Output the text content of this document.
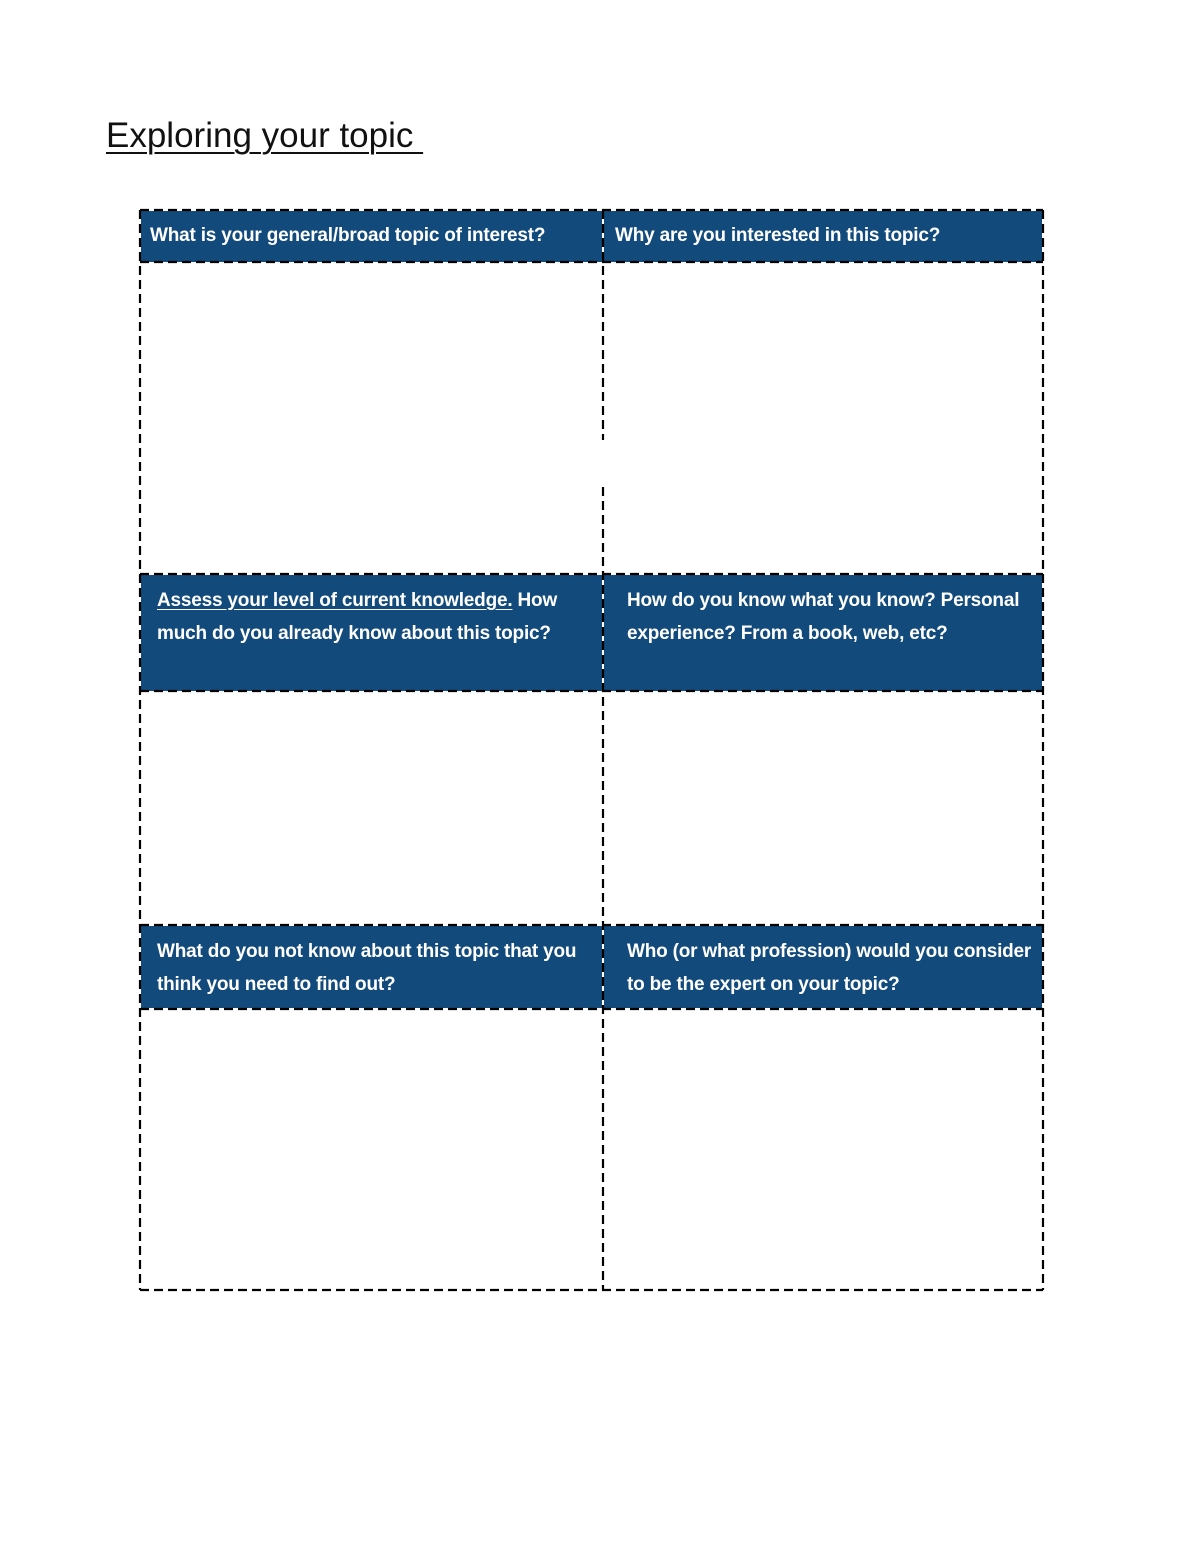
Exploring your topic
What is your general/broad topic of interest?	Why are you interested in this topic?
Assess your level of current knowledge. How much do you already know about this topic?
How do you know what you know? Personal experience? From a book, web, etc?
What do you not know about this topic that you think you need to find out?
Who (or what profession) would you consider to be the expert on your topic?
